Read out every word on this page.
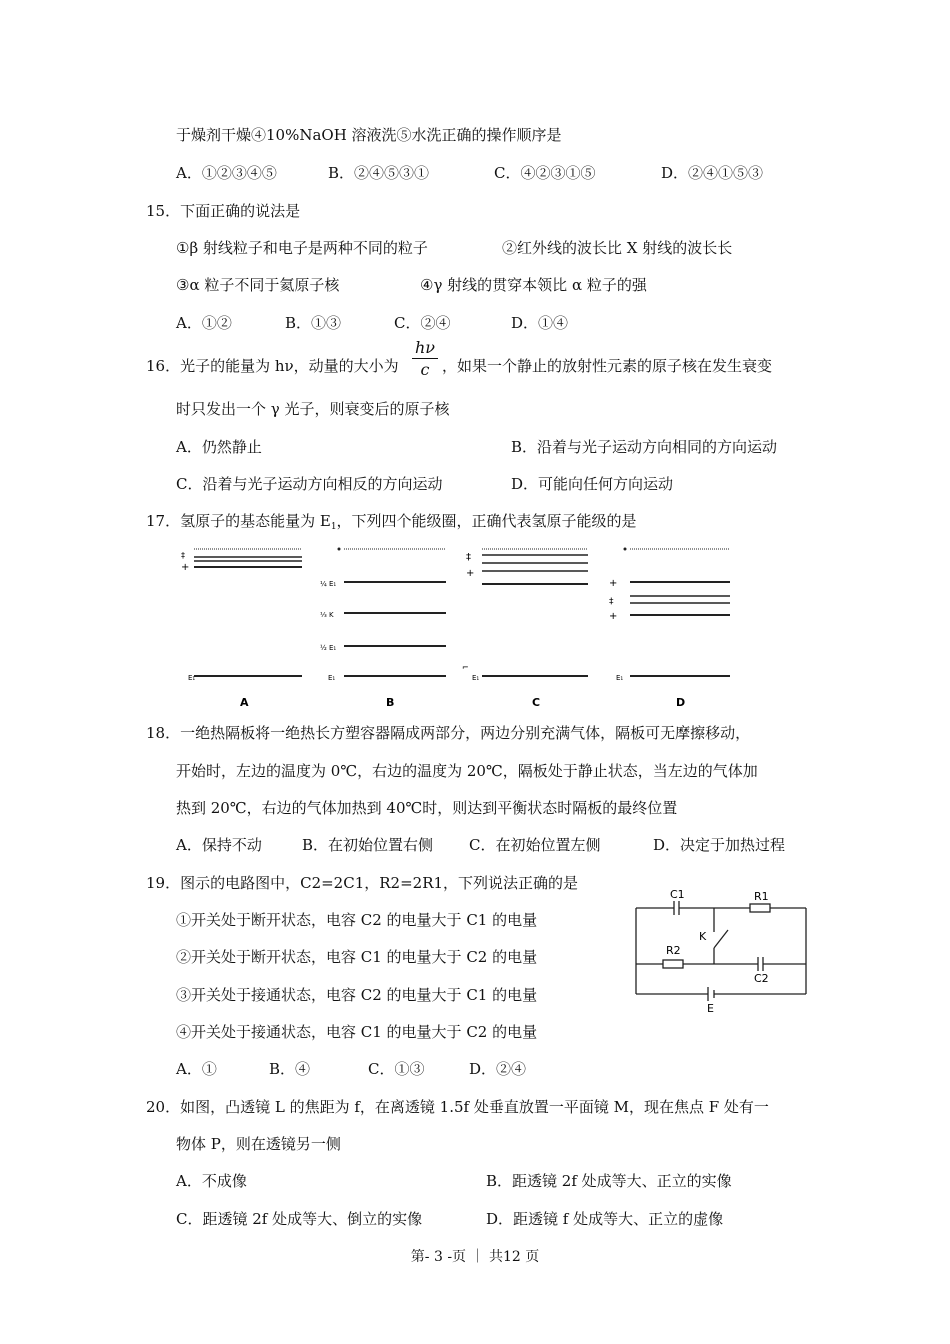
于燥剂干燥④10%NaOH 溶液洗⑤水洗正确的操作顺序是
A．①②③④⑤	B．②④⑤③①	C．④②③①⑤	D．②④①⑤③
15．下面正确的说法是
①β 射线粒子和电子是两种不同的粒子	②红外线的波长比 X 射线的波长长
③α 粒子不同于氦原子核	④γ 射线的贯穿本领比 α 粒子的强
A．①②	B．①③	C．②④	D．①④
16．光子的能量为 hν，动量的大小为 $\frac{h\nu}{c}$ ，如果一个静止的放射性元素的原子核在发生衰变
时只发出一个 γ 光子，则衰变后的原子核
A．仍然静止	B．沿着与光子运动方向相同的方向运动
C．沿着与光子运动方向相反的方向运动	D．可能向任何方向运动
17．氢原子的基态能量为 $E_1$，下列四个能级圈，正确代表氢原子能级的是
‡
+
E₁
A
¼ E₁
⅓ K
½ E₁
E₁
B
‡
+
⌐
E₁
C
+
‡
+
E₁
D
18．一绝热隔板将一绝热长方塑容器隔成两部分，两边分别充满气体，隔板可无摩擦移动，
开始时，左边的温度为 0℃，右边的温度为 20℃，隔板处于静止状态，当左边的气体加
热到 20℃，右边的气体加热到 40℃时，则达到平衡状态时隔板的最终位置
A．保持不动	B．在初始位置右侧 C．在初始位置左侧	D．决定于加热过程
19．图示的电路图中，C2=2C1，R2=2R1，下列说法正确的是
①开关处于断开状态，电容 C2 的电量大于 C1 的电量
②开关处于断开状态，电容 C1 的电量大于 C2 的电量
③开关处于接通状态，电容 C2 的电量大于 C1 的电量
④开关处于接通状态，电容 C1 的电量大于 C2 的电量
A．①	B．④	C．①③	D．②④
C1	R1
K
R2
C2
E
20．如图，凸透镜 L 的焦距为 f，在离透镜 1.5f 处垂直放置一平面镜 M，现在焦点 F 处有一
物体 P，则在透镜另一侧
A．不成像	B．距透镜 2f 处成等大、正立的实像
C．距透镜 2f 处成等大、倒立的实像	D．距透镜 f 处成等大、正立的虚像
第- 3 -页 ｜ 共12 页
